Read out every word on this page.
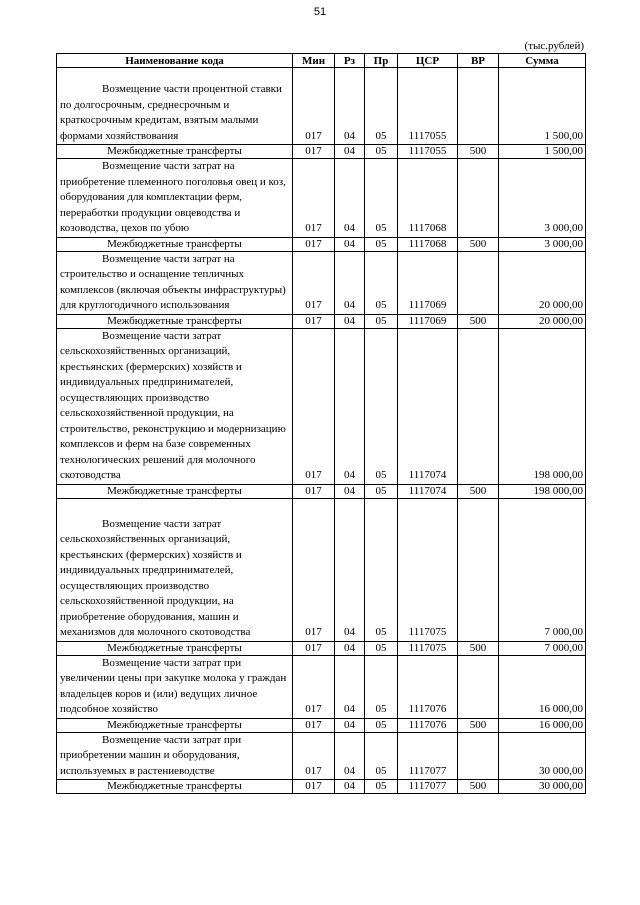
51
(тыс.рублей)
Наименование кода	Мин	Рз	Пр	ЦСР	ВР	Сумма
Возмещение части процентной ставки по долгосрочным, среднесрочным и краткосрочным кредитам, взятым малыми формами хозяйствования	017	04	05	1117055		1 500,00
Межбюджетные трансферты	017	04	05	1117055	500	1 500,00
Возмещение части затрат на приобретение племенного поголовья овец и коз, оборудования для комплектации ферм, переработки продукции овцеводства и козоводства, цехов по убою	017	04	05	1117068		3 000,00
Межбюджетные трансферты	017	04	05	1117068	500	3 000,00
Возмещение части затрат на строительство и оснащение тепличных комплексов (включая объекты инфраструктуры) для круглогодичного использования	017	04	05	1117069		20 000,00
Межбюджетные трансферты	017	04	05	1117069	500	20 000,00
Возмещение части затрат сельскохозяйственных организаций, крестьянских (фермерских) хозяйств и индивидуальных предпринимателей, осуществляющих производство сельскохозяйственной продукции, на строительство, реконструкцию и модернизацию комплексов и ферм на базе современных технологических решений для молочного скотоводства	017	04	05	1117074		198 000,00
Межбюджетные трансферты	017	04	05	1117074	500	198 000,00
Возмещение части затрат сельскохозяйственных организаций, крестьянских (фермерских) хозяйств и индивидуальных предпринимателей, осуществляющих производство сельскохозяйственной продукции, на приобретение оборудования, машин и механизмов для молочного скотоводства	017	04	05	1117075		7 000,00
Межбюджетные трансферты	017	04	05	1117075	500	7 000,00
Возмещение части затрат при увеличении цены при закупке молока у граждан владельцев коров и (или) ведущих личное подсобное хозяйство	017	04	05	1117076		16 000,00
Межбюджетные трансферты	017	04	05	1117076	500	16 000,00
Возмещение части затрат при приобретении машин и оборудования, используемых в растениеводстве	017	04	05	1117077		30 000,00
Межбюджетные трансферты	017	04	05	1117077	500	30 000,00
